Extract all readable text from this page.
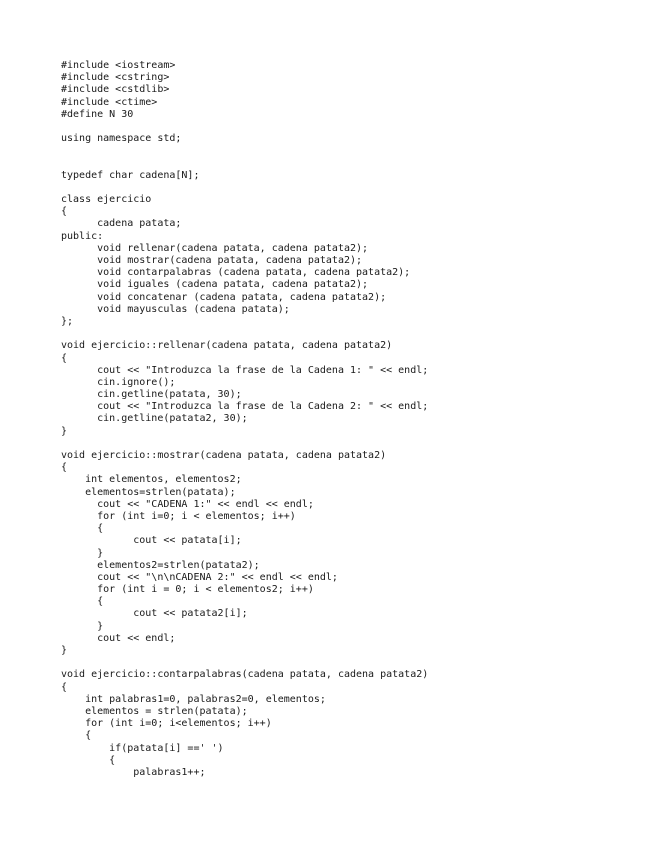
#include <iostream>
#include <cstring>
#include <cstdlib>
#include <ctime>
#define N 30
using namespace std;
typedef char cadena[N];
class ejercicio
{
cadena patata;
public:
void rellenar(cadena patata, cadena patata2);
void mostrar(cadena patata, cadena patata2);
void contarpalabras (cadena patata, cadena patata2);
void iguales (cadena patata, cadena patata2);
void concatenar (cadena patata, cadena patata2);
void mayusculas (cadena patata);
};
void ejercicio::rellenar(cadena patata, cadena patata2)
{
cout << "Introduzca la frase de la Cadena 1: " << endl;
cin.ignore();
cin.getline(patata, 30);
cout << "Introduzca la frase de la Cadena 2: " << endl;
cin.getline(patata2, 30);
}
void ejercicio::mostrar(cadena patata, cadena patata2)
{
int elementos, elementos2;
elementos=strlen(patata);
cout << "CADENA 1:" << endl << endl;
for (int i=0; i < elementos; i++)
{
cout << patata[i];
}
elementos2=strlen(patata2);
cout << "\n\nCADENA 2:" << endl << endl;
for (int i = 0; i < elementos2; i++)
{
cout << patata2[i];
}
cout << endl;
}
void ejercicio::contarpalabras(cadena patata, cadena patata2)
{
int palabras1=0, palabras2=0, elementos;
elementos = strlen(patata);
for (int i=0; i<elementos; i++)
{
if(patata[i] ==' ')
{
palabras1++;
